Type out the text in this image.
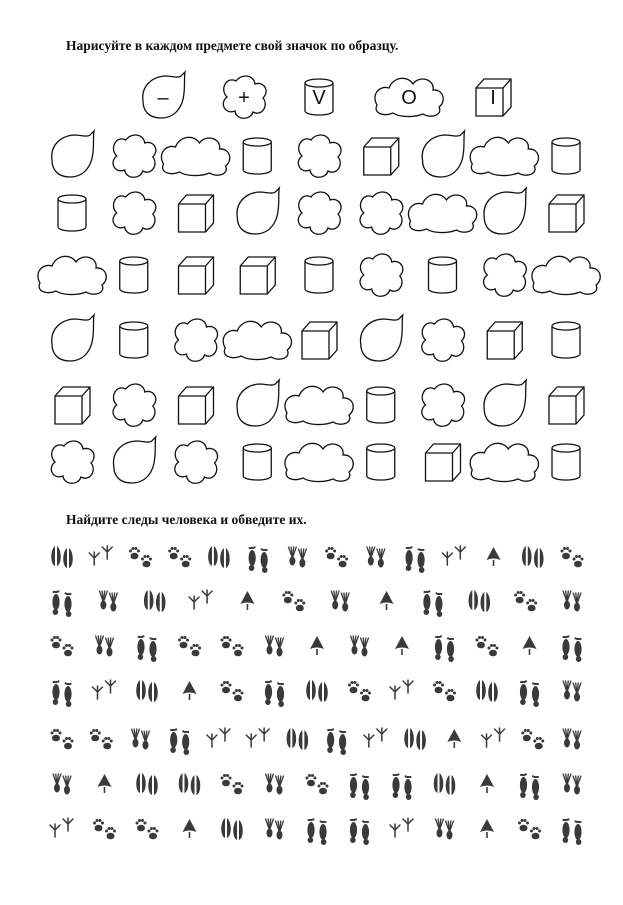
Нарисуйте в каждом предмете свой значок по образцу.
–	+	V	O	I
Найдите следы человека и обведите их.
